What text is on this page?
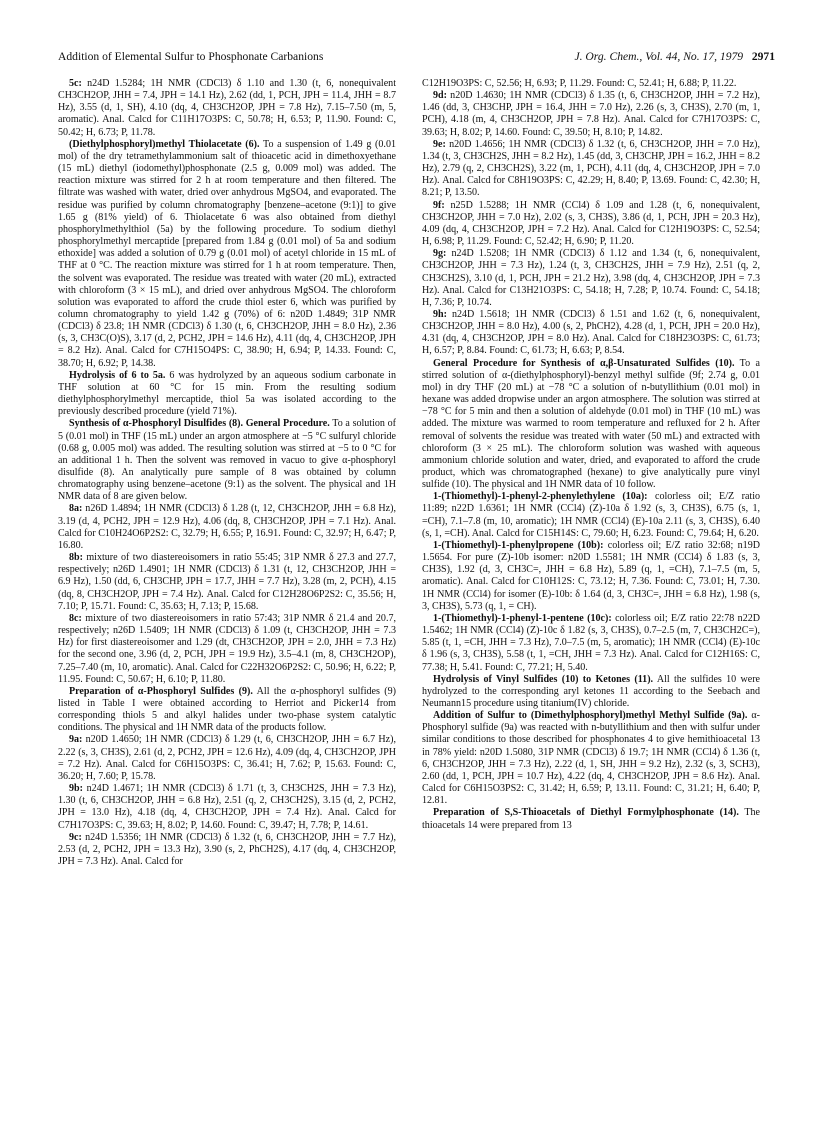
Addition of Elemental Sulfur to Phosphonate Carbanions	J. Org. Chem., Vol. 44, No. 17, 1979 2971

5c: n24D 1.5284; 1H NMR (CDCl3) δ 1.10 and 1.30 (t, 6, nonequivalent CH3CH2OP, JHH = 7.4, JPH = 14.1 Hz), 2.62 (dd, 1, PCH, JPH = 11.4, JHH = 8.7 Hz), 3.55 (d, 1, SH), 4.10 (dq, 4, CH3CH2OP, JPH = 7.8 Hz), 7.15–7.50 (m, 5, aromatic). Anal. Calcd for C11H17O3PS: C, 50.78; H, 6.53; P, 11.90. Found: C, 50.42; H, 6.73; P, 11.78.

(Diethylphosphoryl)methyl Thiolacetate (6). To a suspension of 1.49 g (0.01 mol) of the dry tetramethylammonium salt of thioacetic acid in dimethoxyethane (15 mL) diethyl (iodomethyl)phosphonate (2.5 g, 0.009 mol) was added. The reaction mixture was stirred for 2 h at room temperature and then filtered. The filtrate was washed with water, dried over anhydrous MgSO4, and evaporated. The residue was purified by column chromatography [benzene–acetone (9:1)] to give 1.65 g (81% yield) of 6. Thiolacetate 6 was also obtained from diethyl phosphorylmethylthiol (5a) by the following procedure. To sodium diethyl phosphorylmethyl mercaptide [prepared from 1.84 g (0.01 mol) of 5a and sodium ethoxide] was added a solution of 0.79 g (0.01 mol) of acetyl chloride in 15 mL of THF at 0 °C. The reaction mixture was stirred for 1 h at room temperature. Then, the solvent was evaporated. The residue was treated with water (20 mL), extracted with chloroform (3 × 15 mL), and dried over anhydrous MgSO4. The chloroform solution was evaporated to afford the crude thiol ester 6, which was purified by column chromatography to yield 1.42 g (70%) of 6: n20D 1.4849; 31P NMR (CDCl3) δ 23.8; 1H NMR (CDCl3) δ 1.30 (t, 6, CH3CH2OP, JHH = 8.0 Hz), 2.36 (s, 3, CH3C(O)S), 3.17 (d, 2, PCH2, JPH = 14.6 Hz), 4.11 (dq, 4, CH3CH2OP, JPH = 8.2 Hz). Anal. Calcd for C7H15O4PS: C, 38.90; H, 6.94; P, 14.33. Found: C, 38.70; H, 6.92; P, 14.38.

Hydrolysis of 6 to 5a. 6 was hydrolyzed by an aqueous sodium carbonate in THF solution at 60 °C for 15 min. From the resulting sodium diethylphosphorylmethyl mercaptide, thiol 5a was isolated according to the previously described procedure (yield 71%).

Synthesis of α-Phosphoryl Disulfides (8). General Procedure. To a solution of 5 (0.01 mol) in THF (15 mL) under an argon atmosphere at −5 °C sulfuryl chloride (0.68 g, 0.005 mol) was added. The resulting solution was stirred at −5 to 0 °C for an additional 1 h. Then the solvent was removed in vacuo to give α-phosphoryl disulfide (8). An analytically pure sample of 8 was obtained by column chromatography using benzene–acetone (9:1) as the solvent. The physical and 1H NMR data of 8 are given below.

8a: n26D 1.4894; 1H NMR (CDCl3) δ 1.28 (t, 12, CH3CH2OP, JHH = 6.8 Hz), 3.19 (d, 4, PCH2, JPH = 12.9 Hz), 4.06 (dq, 8, CH3CH2OP, JPH = 7.1 Hz). Anal. Calcd for C10H24O6P2S2: C, 32.79; H, 6.55; P, 16.91. Found: C, 32.97; H, 6.47; P, 16.80.

8b: mixture of two diastereoisomers in ratio 55:45; 31P NMR δ 27.3 and 27.7, respectively; n26D 1.4901; 1H NMR (CDCl3) δ 1.31 (t, 12, CH3CH2OP, JHH = 6.9 Hz), 1.50 (dd, 6, CH3CHP, JPH = 17.7, JHH = 7.7 Hz), 3.28 (m, 2, PCH), 4.15 (dq, 8, CH3CH2OP, JPH = 7.4 Hz). Anal. Calcd for C12H28O6P2S2: C, 35.56; H, 7.10; P, 15.71. Found: C, 35.63; H, 7.13; P, 15.68.

8c: mixture of two diastereoisomers in ratio 57:43; 31P NMR δ 21.4 and 20.7, respectively; n26D 1.5409; 1H NMR (CDCl3) δ 1.09 (t, CH3CH2OP, JHH = 7.3 Hz) for first diastereoisomer and 1.29 (dt, CH3CH2OP, JPH = 2.0, JHH = 7.3 Hz) for the second one, 3.96 (d, 2, PCH, JPH = 19.9 Hz), 3.5–4.1 (m, 8, CH3CH2OP), 7.25–7.40 (m, 10, aromatic). Anal. Calcd for C22H32O6P2S2: C, 50.96; H, 6.22; P, 11.95. Found: C, 50.67; H, 6.10; P, 11.80.

Preparation of α-Phosphoryl Sulfides (9). All the α-phosphoryl sulfides (9) listed in Table I were obtained according to Herriot and Picker14 from corresponding thiols 5 and alkyl halides under two-phase system catalytic conditions. The physical and 1H NMR data of the products follow.

9a: n20D 1.4650; 1H NMR (CDCl3) δ 1.29 (t, 6, CH3CH2OP, JHH = 6.7 Hz), 2.22 (s, 3, CH3S), 2.61 (d, 2, PCH2, JPH = 12.6 Hz), 4.09 (dq, 4, CH3CH2OP, JPH = 7.2 Hz). Anal. Calcd for C6H15O3PS: C, 36.41; H, 7.62; P, 15.63. Found: C, 36.20; H, 7.60; P, 15.78.

9b: n24D 1.4671; 1H NMR (CDCl3) δ 1.71 (t, 3, CH3CH2S, JHH = 7.3 Hz), 1.30 (t, 6, CH3CH2OP, JHH = 6.8 Hz), 2.51 (q, 2, CH3CH2S), 3.15 (d, 2, PCH2, JPH = 13.0 Hz), 4.18 (dq, 4, CH3CH2OP, JPH = 7.4 Hz). Anal. Calcd for C7H17O3PS: C, 39.63; H, 8.02; P, 14.60. Found: C, 39.47; H, 7.78; P, 14.61.

9c: n24D 1.5356; 1H NMR (CDCl3) δ 1.32 (t, 6, CH3CH2OP, JHH = 7.7 Hz), 2.53 (d, 2, PCH2, JPH = 13.3 Hz), 3.90 (s, 2, PhCH2S), 4.17 (dq, 4, CH3CH2OP, JPH = 7.3 Hz). Anal. Calcd for

C12H19O3PS: C, 52.56; H, 6.93; P, 11.29. Found: C, 52.41; H, 6.88; P, 11.22.

9d: n20D 1.4630; 1H NMR (CDCl3) δ 1.35 (t, 6, CH3CH2OP, JHH = 7.2 Hz), 1.46 (dd, 3, CH3CHP, JPH = 16.4, JHH = 7.0 Hz), 2.26 (s, 3, CH3S), 2.70 (m, 1, PCH), 4.18 (m, 4, CH3CH2OP, JPH = 7.8 Hz). Anal. Calcd for C7H17O3PS: C, 39.63; H, 8.02; P, 14.60. Found: C, 39.50; H, 8.10; P, 14.82.

9e: n20D 1.4656; 1H NMR (CDCl3) δ 1.32 (t, 6, CH3CH2OP, JHH = 7.0 Hz), 1.34 (t, 3, CH3CH2S, JHH = 8.2 Hz), 1.45 (dd, 3, CH3CHP, JPH = 16.2, JHH = 8.2 Hz), 2.79 (q, 2, CH3CH2S), 3.22 (m, 1, PCH), 4.11 (dq, 4, CH3CH2OP, JPH = 7.0 Hz). Anal. Calcd for C8H19O3PS: C, 42.29; H, 8.40; P, 13.69. Found: C, 42.30; H, 8.21; P, 13.50.

9f: n25D 1.5288; 1H NMR (CCl4) δ 1.09 and 1.28 (t, 6, nonequivalent, CH3CH2OP, JHH = 7.0 Hz), 2.02 (s, 3, CH3S), 3.86 (d, 1, PCH, JPH = 20.3 Hz), 4.09 (dq, 4, CH3CH2OP, JPH = 7.2 Hz). Anal. Calcd for C12H19O3PS: C, 52.54; H, 6.98; P, 11.29. Found: C, 52.42; H, 6.90; P, 11.20.

9g: n24D 1.5208; 1H NMR (CDCl3) δ 1.12 and 1.34 (t, 6, nonequivalent, CH3CH2OP, JHH = 7.3 Hz), 1.24 (t, 3, CH3CH2S, JHH = 7.9 Hz), 2.51 (q, 2, CH3CH2S), 3.10 (d, 1, PCH, JPH = 21.2 Hz), 3.98 (dq, 4, CH3CH2OP, JPH = 7.3 Hz). Anal. Calcd for C13H21O3PS: C, 54.18; H, 7.28; P, 10.74. Found: C, 54.18; H, 7.36; P, 10.74.

9h: n24D 1.5618; 1H NMR (CDCl3) δ 1.51 and 1.62 (t, 6, nonequivalent, CH3CH2OP, JHH = 8.0 Hz), 4.00 (s, 2, PhCH2), 4.28 (d, 1, PCH, JPH = 20.0 Hz), 4.31 (dq, 4, CH3CH2OP, JPH = 8.0 Hz). Anal. Calcd for C18H23O3PS: C, 61.73; H, 6.57; P, 8.84. Found: C, 61.73; H, 6.63; P, 8.54.

General Procedure for Synthesis of α,β-Unsaturated Sulfides (10). To a stirred solution of α-(diethylphosphoryl)-benzyl methyl sulfide (9f; 2.74 g, 0.01 mol) in dry THF (20 mL) at −78 °C a solution of n-butyllithium (0.01 mol) in hexane was added dropwise under an argon atmosphere. The solution was stirred at −78 °C for 5 min and then a solution of aldehyde (0.01 mol) in THF (10 mL) was added. The mixture was warmed to room temperature and refluxed for 2 h. After removal of solvents the residue was treated with water (50 mL) and extracted with chloroform (3 × 25 mL). The chloroform solution was washed with aqueous ammonium chloride solution and water, dried, and evaporated to afford the crude product, which was chromatographed (hexane) to give analytically pure vinyl sulfide (10). The physical and 1H NMR data of 10 follow.

1-(Thiomethyl)-1-phenyl-2-phenylethylene (10a): colorless oil; E/Z ratio 11:89; n22D 1.6361; 1H NMR (CCl4) (Z)-10a δ 1.92 (s, 3, CH3S), 6.75 (s, 1, =CH), 7.1–7.8 (m, 10, aromatic); 1H NMR (CCl4) (E)-10a 2.11 (s, 3, CH3S), 6.40 (s, 1, =CH). Anal. Calcd for C15H14S: C, 79.60; H, 6.23. Found: C, 79.64; H, 6.20.

1-(Thiomethyl)-1-phenylpropene (10b): colorless oil; E/Z ratio 32:68; n19D 1.5654. For pure (Z)-10b isomer: n20D 1.5581; 1H NMR (CCl4) δ 1.83 (s, 3, CH3S), 1.92 (d, 3, CH3C=, JHH = 6.8 Hz), 5.89 (q, 1, =CH), 7.1–7.5 (m, 5, aromatic). Anal. Calcd for C10H12S: C, 73.12; H, 7.36. Found: C, 73.01; H, 7.30. 1H NMR (CCl4) for isomer (E)-10b: δ 1.64 (d, 3, CH3C=, JHH = 6.8 Hz), 1.98 (s, 3, CH3S), 5.73 (q, 1, = CH).

1-(Thiomethyl)-1-phenyl-1-pentene (10c): colorless oil; E/Z ratio 22:78 n22D 1.5462; 1H NMR (CCl4) (Z)-10c δ 1.82 (s, 3, CH3S), 0.7–2.5 (m, 7, CH3CH2C=), 5.85 (t, 1, =CH, JHH = 7.3 Hz), 7.0–7.5 (m, 5, aromatic); 1H NMR (CCl4) (E)-10c δ 1.96 (s, 3, CH3S), 5.58 (t, 1, =CH, JHH = 7.3 Hz). Anal. Calcd for C12H16S: C, 77.38; H, 5.41. Found: C, 77.21; H, 5.40.

Hydrolysis of Vinyl Sulfides (10) to Ketones (11). All the sulfides 10 were hydrolyzed to the corresponding aryl ketones 11 according to the Seebach and Neumann15 procedure using titanium(IV) chloride.

Addition of Sulfur to (Dimethylphosphoryl)methyl Methyl Sulfide (9a). α-Phosphoryl sulfide (9a) was reacted with n-butyllithium and then with sulfur under similar conditions to those described for phosphonates 4 to give hemithioacetal 13 in 78% yield: n20D 1.5080, 31P NMR (CDCl3) δ 19.7; 1H NMR (CCl4) δ 1.36 (t, 6, CH3CH2OP, JHH = 7.3 Hz), 2.22 (d, 1, SH, JHH = 9.2 Hz), 2.32 (s, 3, SCH3), 2.60 (dd, 1, PCH, JPH = 10.7 Hz), 4.22 (dq, 4, CH3CH2OP, JPH = 8.6 Hz). Anal. Calcd for C6H15O3PS2: C, 31.42; H, 6.59; P, 13.11. Found: C, 31.21; H, 6.40; P, 12.81.

Preparation of S,S-Thioacetals of Diethyl Formylphosphonate (14). The thioacetals 14 were prepared from 13
